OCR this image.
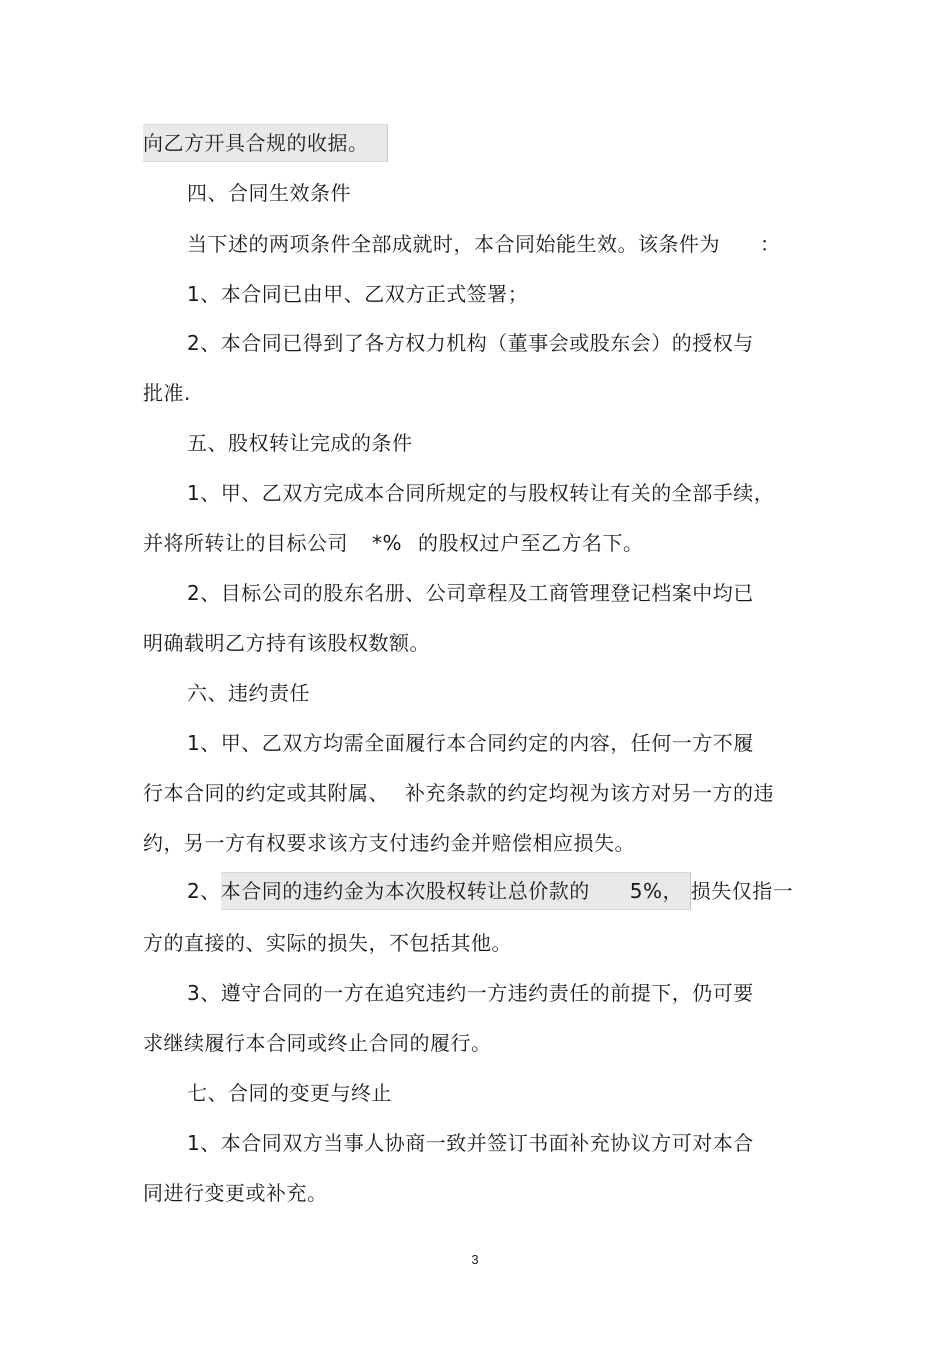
向乙方开具合规的收据。
四、合同生效条件
当下述的两项条件全部成就时，本合同始能生效。该条件为 ：
1、本合同已由甲、乙双方正式签署；
2、本合同已得到了各方权力机构（董事会或股东会）的授权与
批准.
五、股权转让完成的条件
1、甲、乙双方完成本合同所规定的与股权转让有关的全部手续，
并将所转让的目标公司 *% 的股权过户至乙方名下。
2、目标公司的股东名册、公司章程及工商管理登记档案中均已
明确载明乙方持有该股权数额。
六、违约责任
1、甲、乙双方均需全面履行本合同约定的内容，任何一方不履
行本合同的约定或其附属、 补充条款的约定均视为该方对另一方的违
约，另一方有权要求该方支付违约金并赔偿相应损失。
2、本合同的违约金为本次股权转让总价款的 5%， 损失仅指一
方的直接的、实际的损失，不包括其他。
3、遵守合同的一方在追究违约一方违约责任的前提下，仍可要
求继续履行本合同或终止合同的履行。
七、合同的变更与终止
1、本合同双方当事人协商一致并签订书面补充协议方可对本合
同进行变更或补充。
3
